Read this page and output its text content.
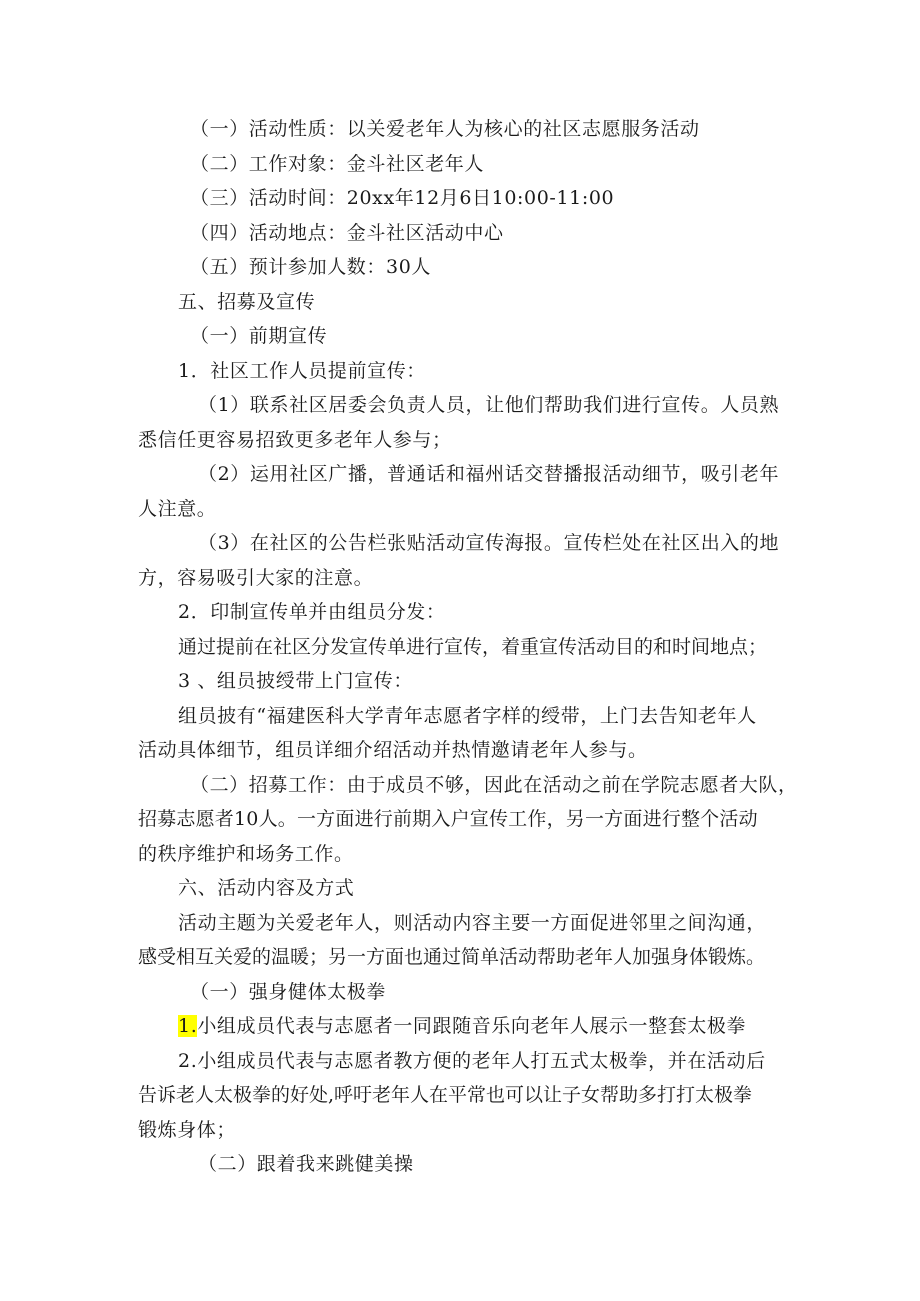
（一）活动性质：以关爱老年人为核心的社区志愿服务活动
（二）工作对象：金斗社区老年人
（三）活动时间：20xx年12月6日10:00-11:00
（四）活动地点：金斗社区活动中心
（五）预计参加人数：30人
五、招募及宣传
（一）前期宣传
1．社区工作人员提前宣传：
（1）联系社区居委会负责人员，让他们帮助我们进行宣传。人员熟
悉信任更容易招致更多老年人参与；
（2）运用社区广播，普通话和福州话交替播报活动细节，吸引老年
人注意。
（3）在社区的公告栏张贴活动宣传海报。宣传栏处在社区出入的地
方，容易吸引大家的注意。
2．印制宣传单并由组员分发：
通过提前在社区分发宣传单进行宣传，着重宣传活动目的和时间地点；
3 、组员披绶带上门宣传：
组员披有“福建医科大学青年志愿者字样的绶带，上门去告知老年人
活动具体细节，组员详细介绍活动并热情邀请老年人参与。
（二）招募工作：由于成员不够，因此在活动之前在学院志愿者大队，
招募志愿者10人。一方面进行前期入户宣传工作，另一方面进行整个活动
的秩序维护和场务工作。
六、活动内容及方式
活动主题为关爱老年人，则活动内容主要一方面促进邻里之间沟通，
感受相互关爱的温暖；另一方面也通过简单活动帮助老年人加强身体锻炼。
（一）强身健体太极拳
1.小组成员代表与志愿者一同跟随音乐向老年人展示一整套太极拳
2.小组成员代表与志愿者教方便的老年人打五式太极拳，并在活动后
告诉老人太极拳的好处,呼吁老年人在平常也可以让子女帮助多打打太极拳
锻炼身体；
（二）跟着我来跳健美操
